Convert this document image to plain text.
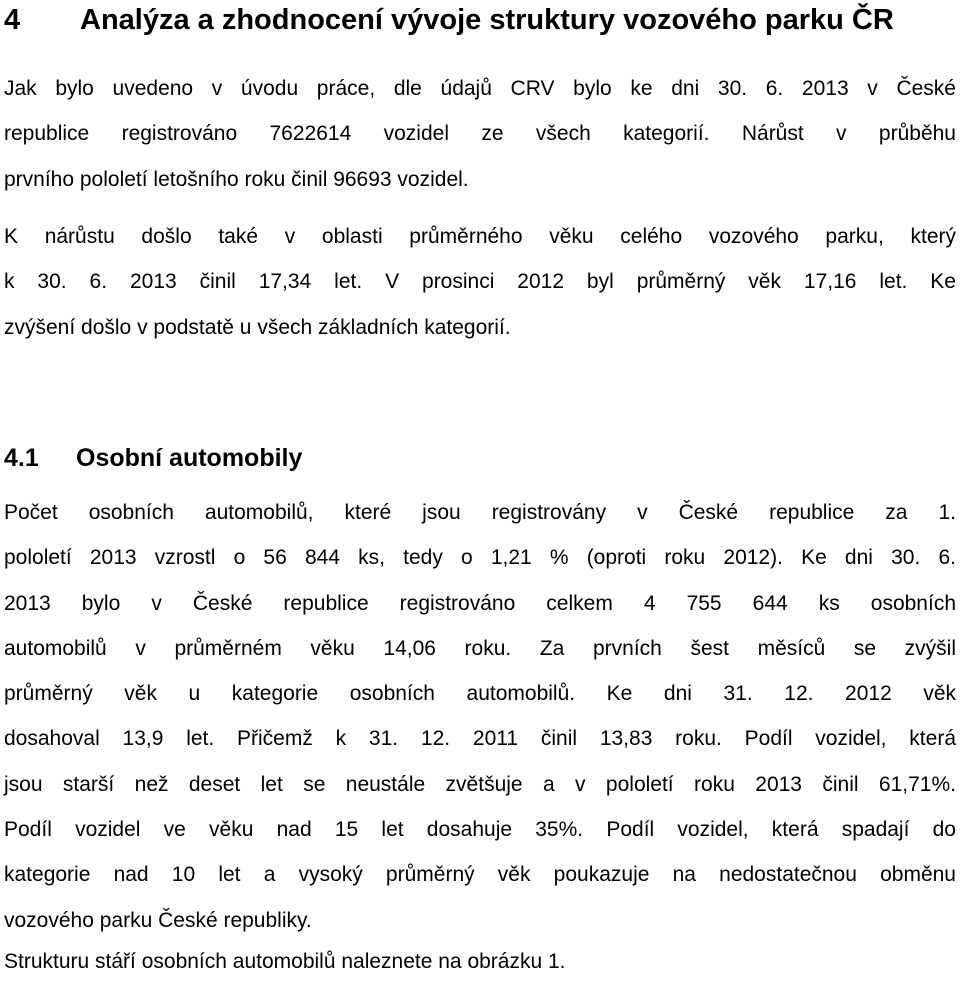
4 Analýza a zhodnocení vývoje struktury vozového parku ČR
Jak bylo uvedeno v úvodu práce, dle údajů CRV bylo ke dni 30. 6. 2013 v České
republice registrováno 7622614 vozidel ze všech kategorií. Nárůst v průběhu
prvního pololetí letošního roku činil 96693 vozidel.
K nárůstu došlo také v oblasti průměrného věku celého vozového parku, který
k 30. 6. 2013 činil 17,34 let. V prosinci 2012 byl průměrný věk 17,16 let. Ke
zvýšení došlo v podstatě u všech základních kategorií.
4.1 Osobní automobily
Počet osobních automobilů, které jsou registrovány v České republice za 1.
pololetí 2013 vzrostl o 56 844 ks, tedy o 1,21 % (oproti roku 2012). Ke dni 30. 6.
2013 bylo v České republice registrováno celkem 4 755 644 ks osobních
automobilů v průměrném věku 14,06 roku. Za prvních šest měsíců se zvýšil
průměrný věk u kategorie osobních automobilů. Ke dni 31. 12. 2012 věk
dosahoval 13,9 let. Přičemž k 31. 12. 2011 činil 13,83 roku. Podíl vozidel, která
jsou starší než deset let se neustále zvětšuje a v pololetí roku 2013 činil 61,71%.
Podíl vozidel ve věku nad 15 let dosahuje 35%. Podíl vozidel, která spadají do
kategorie nad 10 let a vysoký průměrný věk poukazuje na nedostatečnou obměnu
vozového parku České republiky.
Strukturu stáří osobních automobilů naleznete na obrázku 1.
